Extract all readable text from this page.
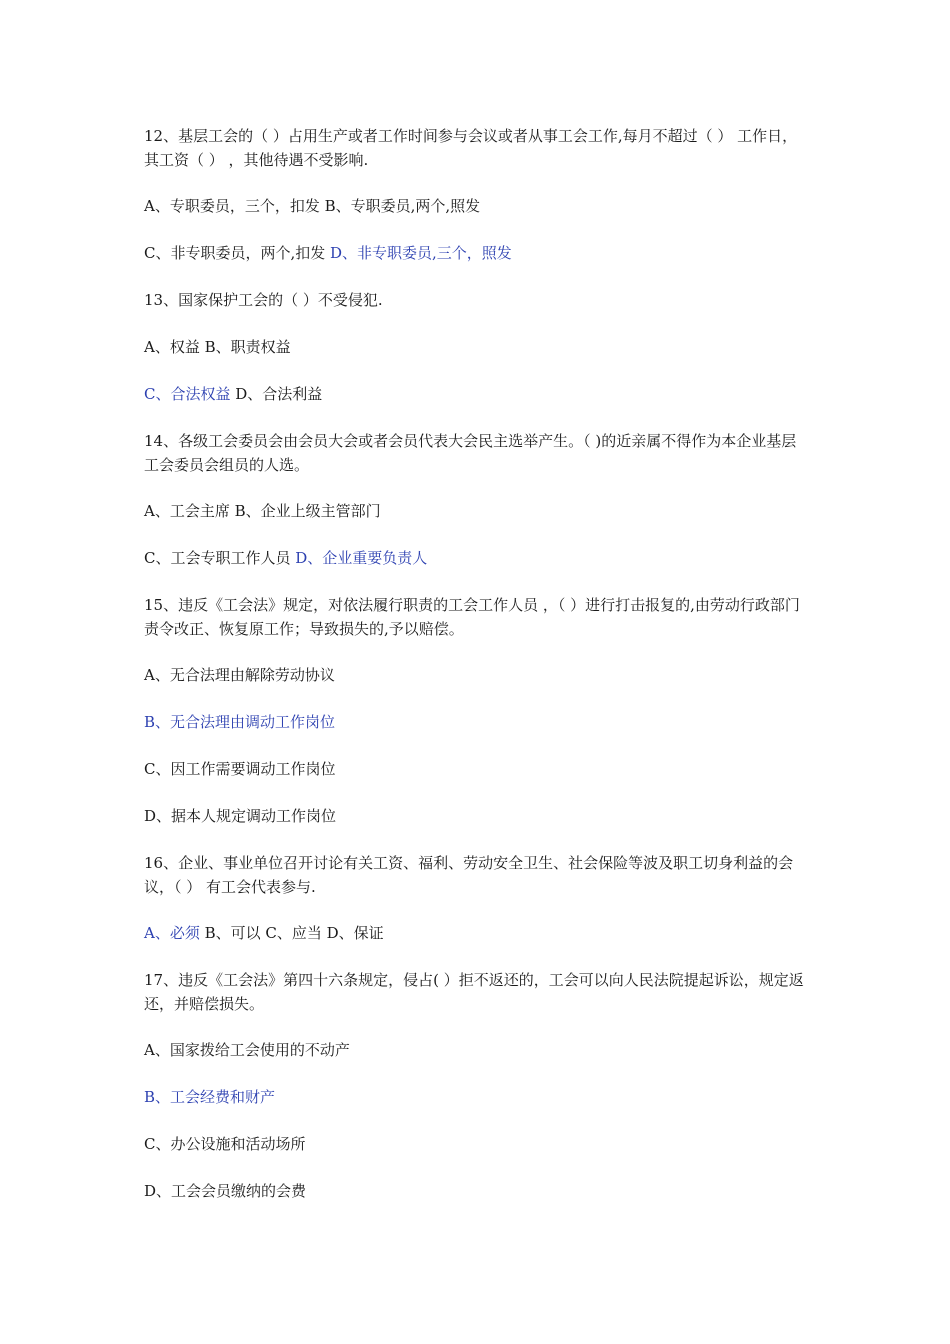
12、基层工会的（ ）占用生产或者工作时间参与会议或者从事工会工作,每月不超过（ ） 工作日，其工资（ ） ，其他待遇不受影响.

A、专职委员，三个，扣发 B、专职委员,两个,照发

C、非专职委员，两个,扣发 D、非专职委员,三个，照发

13、国家保护工会的（ ）不受侵犯.

A、权益 B、职责权益

C、合法权益 D、合法利益

14、各级工会委员会由会员大会或者会员代表大会民主选举产生。（ )的近亲属不得作为本企业基层工会委员会组员的人选。

A、工会主席 B、企业上级主管部门

C、工会专职工作人员 D、企业重要负责人

15、违反《工会法》规定，对依法履行职责的工会工作人员 ，（ ）进行打击报复的,由劳动行政部门责令改正、恢复原工作；导致损失的,予以赔偿。

A、无合法理由解除劳动协议

B、无合法理由调动工作岗位

C、因工作需要调动工作岗位

D、据本人规定调动工作岗位

16、企业、事业单位召开讨论有关工资、福利、劳动安全卫生、社会保险等波及职工切身利益的会议，（ ） 有工会代表参与.

A、必须 B、可以 C、应当 D、保证

17、违反《工会法》第四十六条规定，侵占( ）拒不返还的，工会可以向人民法院提起诉讼，规定返还，并赔偿损失。

A、国家拨给工会使用的不动产

B、工会经费和财产

C、办公设施和活动场所

D、工会会员缴纳的会费
